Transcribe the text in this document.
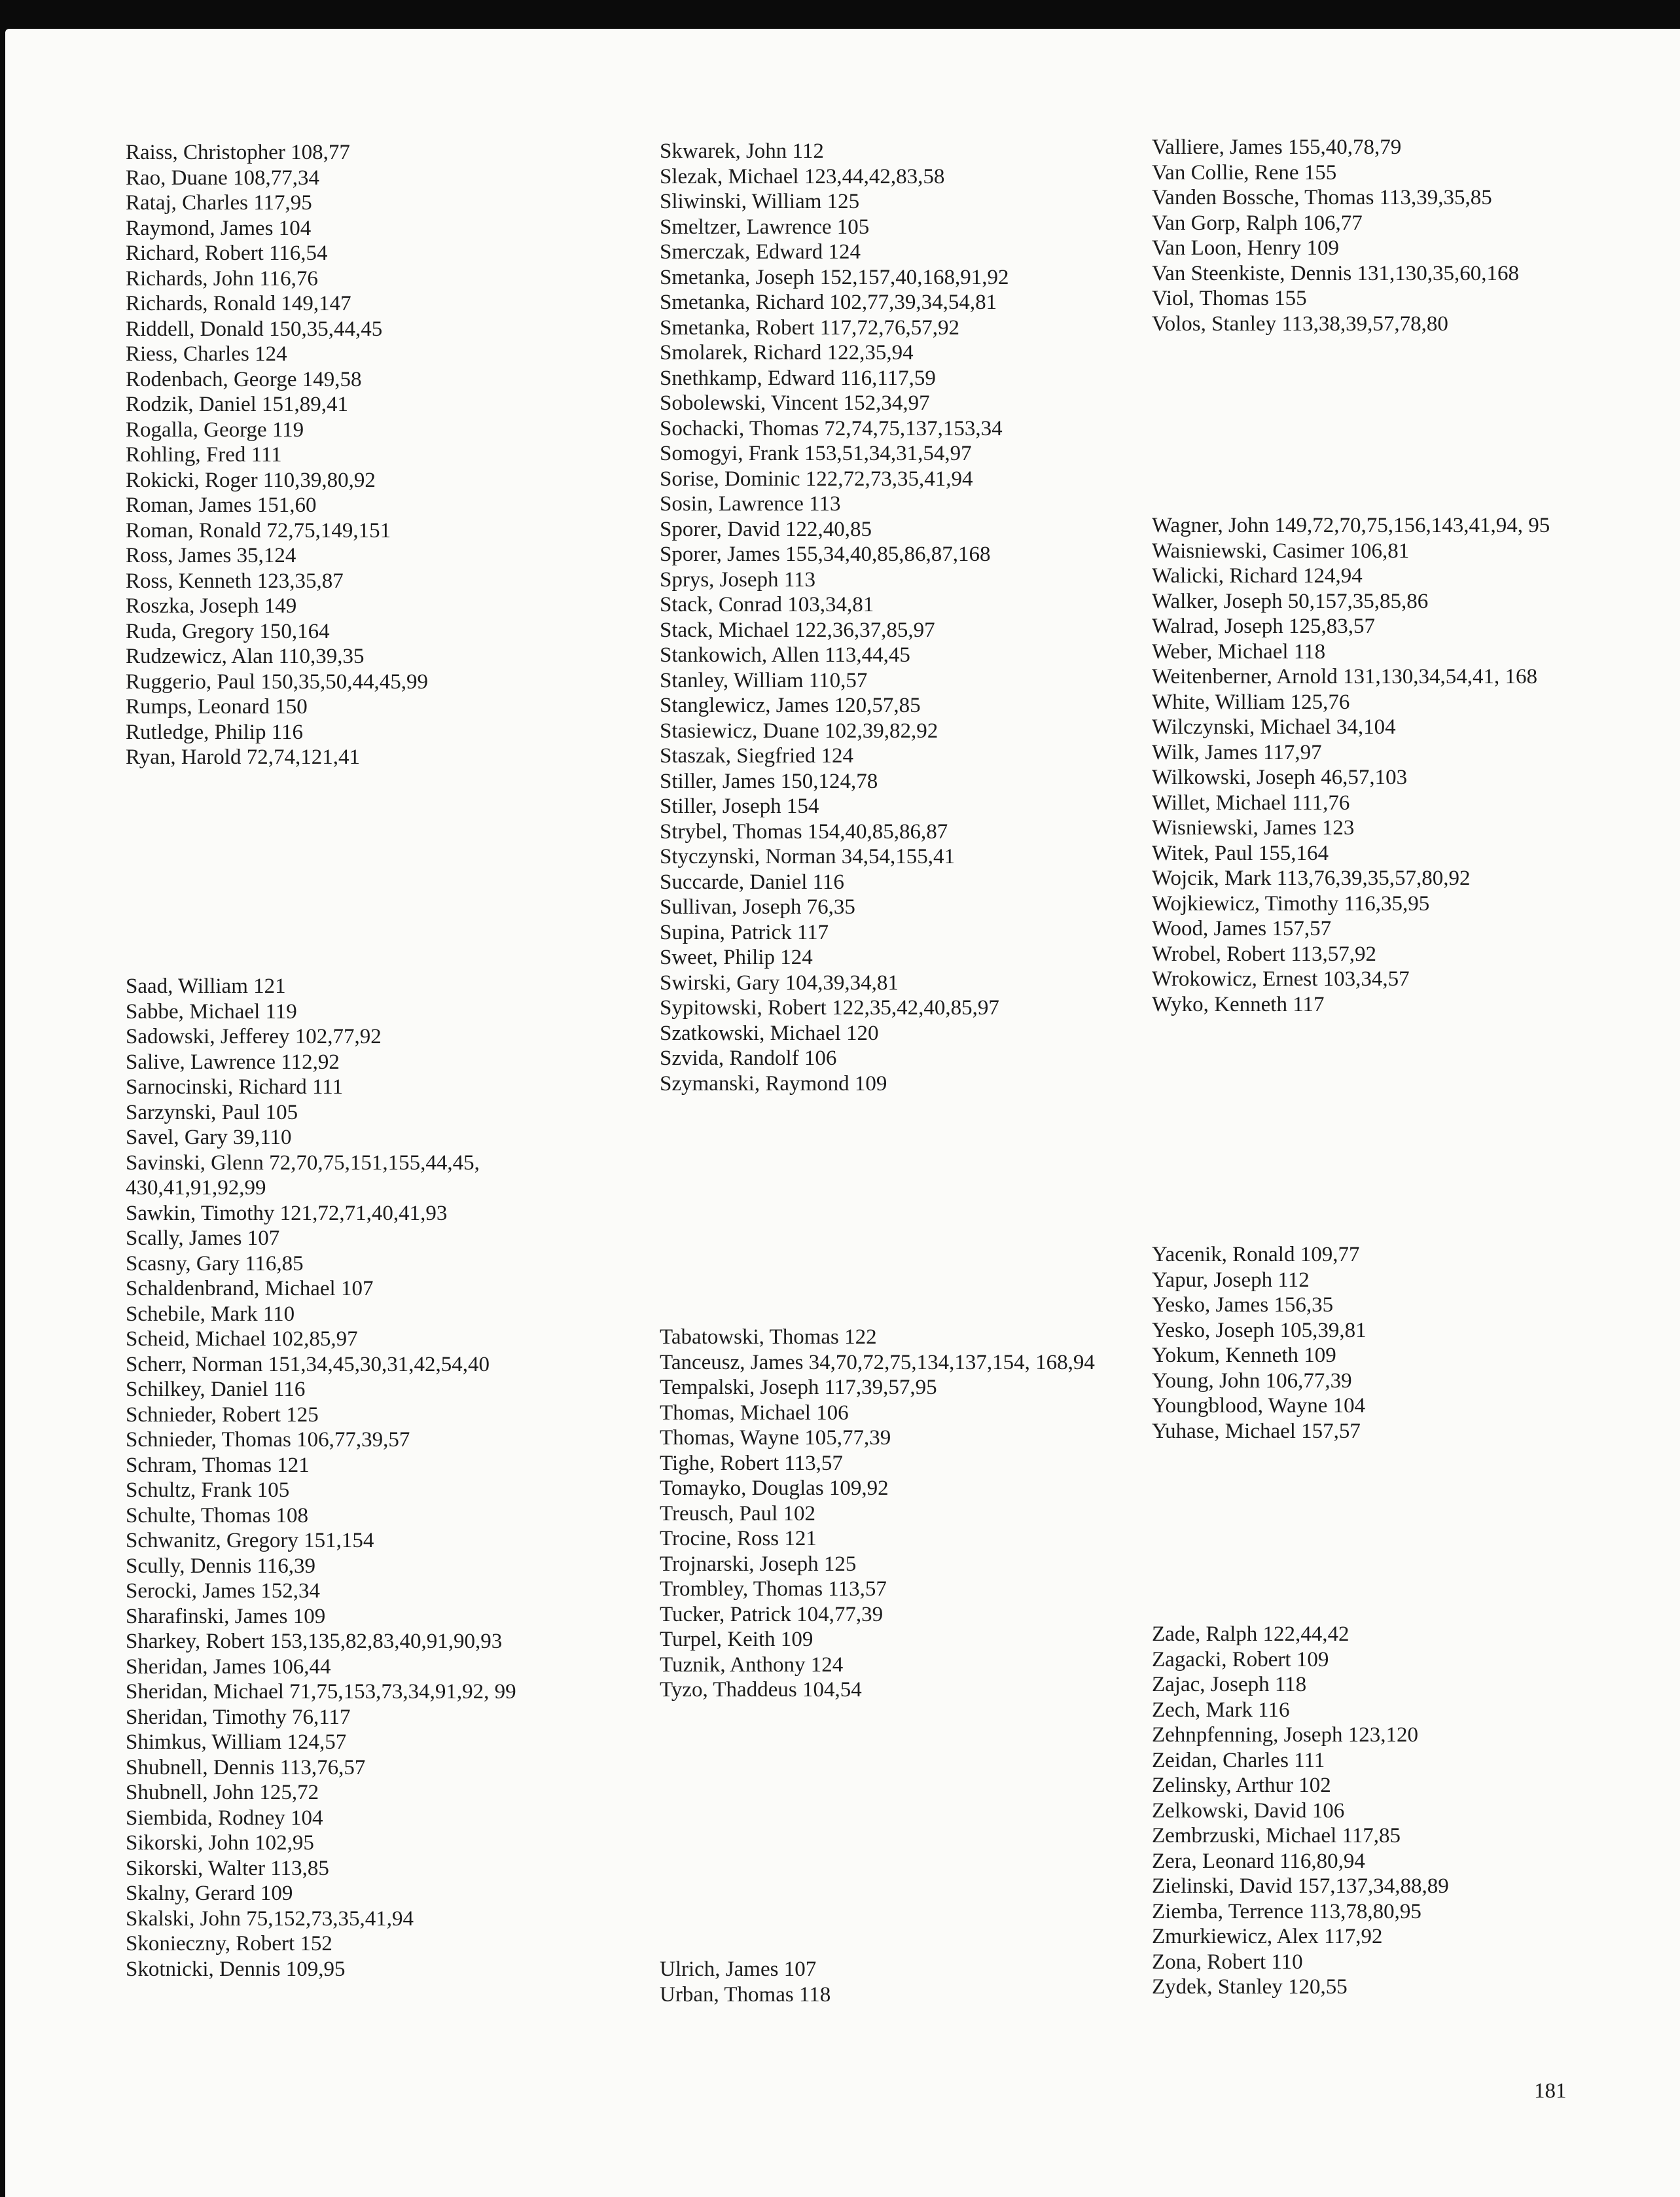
Raiss, Christopher 108,77
Rao, Duane 108,77,34
Rataj, Charles 117,95
Raymond, James 104
Richard, Robert 116,54
Richards, John 116,76
Richards, Ronald 149,147
Riddell, Donald 150,35,44,45
Riess, Charles 124
Rodenbach, George 149,58
Rodzik, Daniel 151,89,41
Rogalla, George 119
Rohling, Fred 111
Rokicki, Roger 110,39,80,92
Roman, James 151,60
Roman, Ronald 72,75,149,151
Ross, James 35,124
Ross, Kenneth 123,35,87
Roszka, Joseph 149
Ruda, Gregory 150,164
Rudzewicz, Alan 110,39,35
Ruggerio, Paul 150,35,50,44,45,99
Rumps, Leonard 150
Rutledge, Philip 116
Ryan, Harold 72,74,121,41
Saad, William 121
Sabbe, Michael 119
Sadowski, Jefferey 102,77,92
Salive, Lawrence 112,92
Sarnocinski, Richard 111
Sarzynski, Paul 105
Savel, Gary 39,110
Savinski, Glenn 72,70,75,151,155,44,45, 430,41,91,92,99
Sawkin, Timothy 121,72,71,40,41,93
Scally, James 107
Scasny, Gary 116,85
Schaldenbrand, Michael 107
Schebile, Mark 110
Scheid, Michael 102,85,97
Scherr, Norman 151,34,45,30,31,42,54,40
Schilkey, Daniel 116
Schnieder, Robert 125
Schnieder, Thomas 106,77,39,57
Schram, Thomas 121
Schultz, Frank 105
Schulte, Thomas 108
Schwanitz, Gregory 151,154
Scully, Dennis 116,39
Serocki, James 152,34
Sharafinski, James 109
Sharkey, Robert 153,135,82,83,40,91,90,93
Sheridan, James 106,44
Sheridan, Michael 71,75,153,73,34,91,92, 99
Sheridan, Timothy 76,117
Shimkus, William 124,57
Shubnell, Dennis 113,76,57
Shubnell, John 125,72
Siembida, Rodney 104
Sikorski, John 102,95
Sikorski, Walter 113,85
Skalny, Gerard 109
Skalski, John 75,152,73,35,41,94
Skonieczny, Robert 152
Skotnicki, Dennis 109,95
Skwarek, John 112
Slezak, Michael 123,44,42,83,58
Sliwinski, William 125
Smeltzer, Lawrence 105
Smerczak, Edward 124
Smetanka, Joseph 152,157,40,168,91,92
Smetanka, Richard 102,77,39,34,54,81
Smetanka, Robert 117,72,76,57,92
Smolarek, Richard 122,35,94
Snethkamp, Edward 116,117,59
Sobolewski, Vincent 152,34,97
Sochacki, Thomas 72,74,75,137,153,34
Somogyi, Frank 153,51,34,31,54,97
Sorise, Dominic 122,72,73,35,41,94
Sosin, Lawrence 113
Sporer, David 122,40,85
Sporer, James 155,34,40,85,86,87,168
Sprys, Joseph 113
Stack, Conrad 103,34,81
Stack, Michael 122,36,37,85,97
Stankowich, Allen 113,44,45
Stanley, William 110,57
Stanglewicz, James 120,57,85
Stasiewicz, Duane 102,39,82,92
Staszak, Siegfried 124
Stiller, James 150,124,78
Stiller, Joseph 154
Strybel, Thomas 154,40,85,86,87
Styczynski, Norman 34,54,155,41
Succarde, Daniel 116
Sullivan, Joseph 76,35
Supina, Patrick 117
Sweet, Philip 124
Swirski, Gary 104,39,34,81
Sypitowski, Robert 122,35,42,40,85,97
Szatkowski, Michael 120
Szvida, Randolf 106
Szymanski, Raymond 109
Tabatowski, Thomas 122
Tanceusz, James 34,70,72,75,134,137,154, 168,94
Tempalski, Joseph 117,39,57,95
Thomas, Michael 106
Thomas, Wayne 105,77,39
Tighe, Robert 113,57
Tomayko, Douglas 109,92
Treusch, Paul 102
Trocine, Ross 121
Trojnarski, Joseph 125
Trombley, Thomas 113,57
Tucker, Patrick 104,77,39
Turpel, Keith 109
Tuznik, Anthony 124
Tyzo, Thaddeus 104,54
Ulrich, James 107
Urban, Thomas 118
Valliere, James 155,40,78,79
Van Collie, Rene 155
Vanden Bossche, Thomas 113,39,35,85
Van Gorp, Ralph 106,77
Van Loon, Henry 109
Van Steenkiste, Dennis 131,130,35,60,168
Viol, Thomas 155
Volos, Stanley 113,38,39,57,78,80
Wagner, John 149,72,70,75,156,143,41,94, 95
Waisniewski, Casimer 106,81
Walicki, Richard 124,94
Walker, Joseph 50,157,35,85,86
Walrad, Joseph 125,83,57
Weber, Michael 118
Weitenberner, Arnold 131,130,34,54,41, 168
White, William 125,76
Wilczynski, Michael 34,104
Wilk, James 117,97
Wilkowski, Joseph 46,57,103
Willet, Michael 111,76
Wisniewski, James 123
Witek, Paul 155,164
Wojcik, Mark 113,76,39,35,57,80,92
Wojkiewicz, Timothy 116,35,95
Wood, James 157,57
Wrobel, Robert 113,57,92
Wrokowicz, Ernest 103,34,57
Wyko, Kenneth 117
Yacenik, Ronald 109,77
Yapur, Joseph 112
Yesko, James 156,35
Yesko, Joseph 105,39,81
Yokum, Kenneth 109
Young, John 106,77,39
Youngblood, Wayne 104
Yuhase, Michael 157,57
Zade, Ralph 122,44,42
Zagacki, Robert 109
Zajac, Joseph 118
Zech, Mark 116
Zehnpfenning, Joseph 123,120
Zeidan, Charles 111
Zelinsky, Arthur 102
Zelkowski, David 106
Zembrzuski, Michael 117,85
Zera, Leonard 116,80,94
Zielinski, David 157,137,34,88,89
Ziemba, Terrence 113,78,80,95
Zmurkiewicz, Alex 117,92
Zona, Robert 110
Zydek, Stanley 120,55
181
